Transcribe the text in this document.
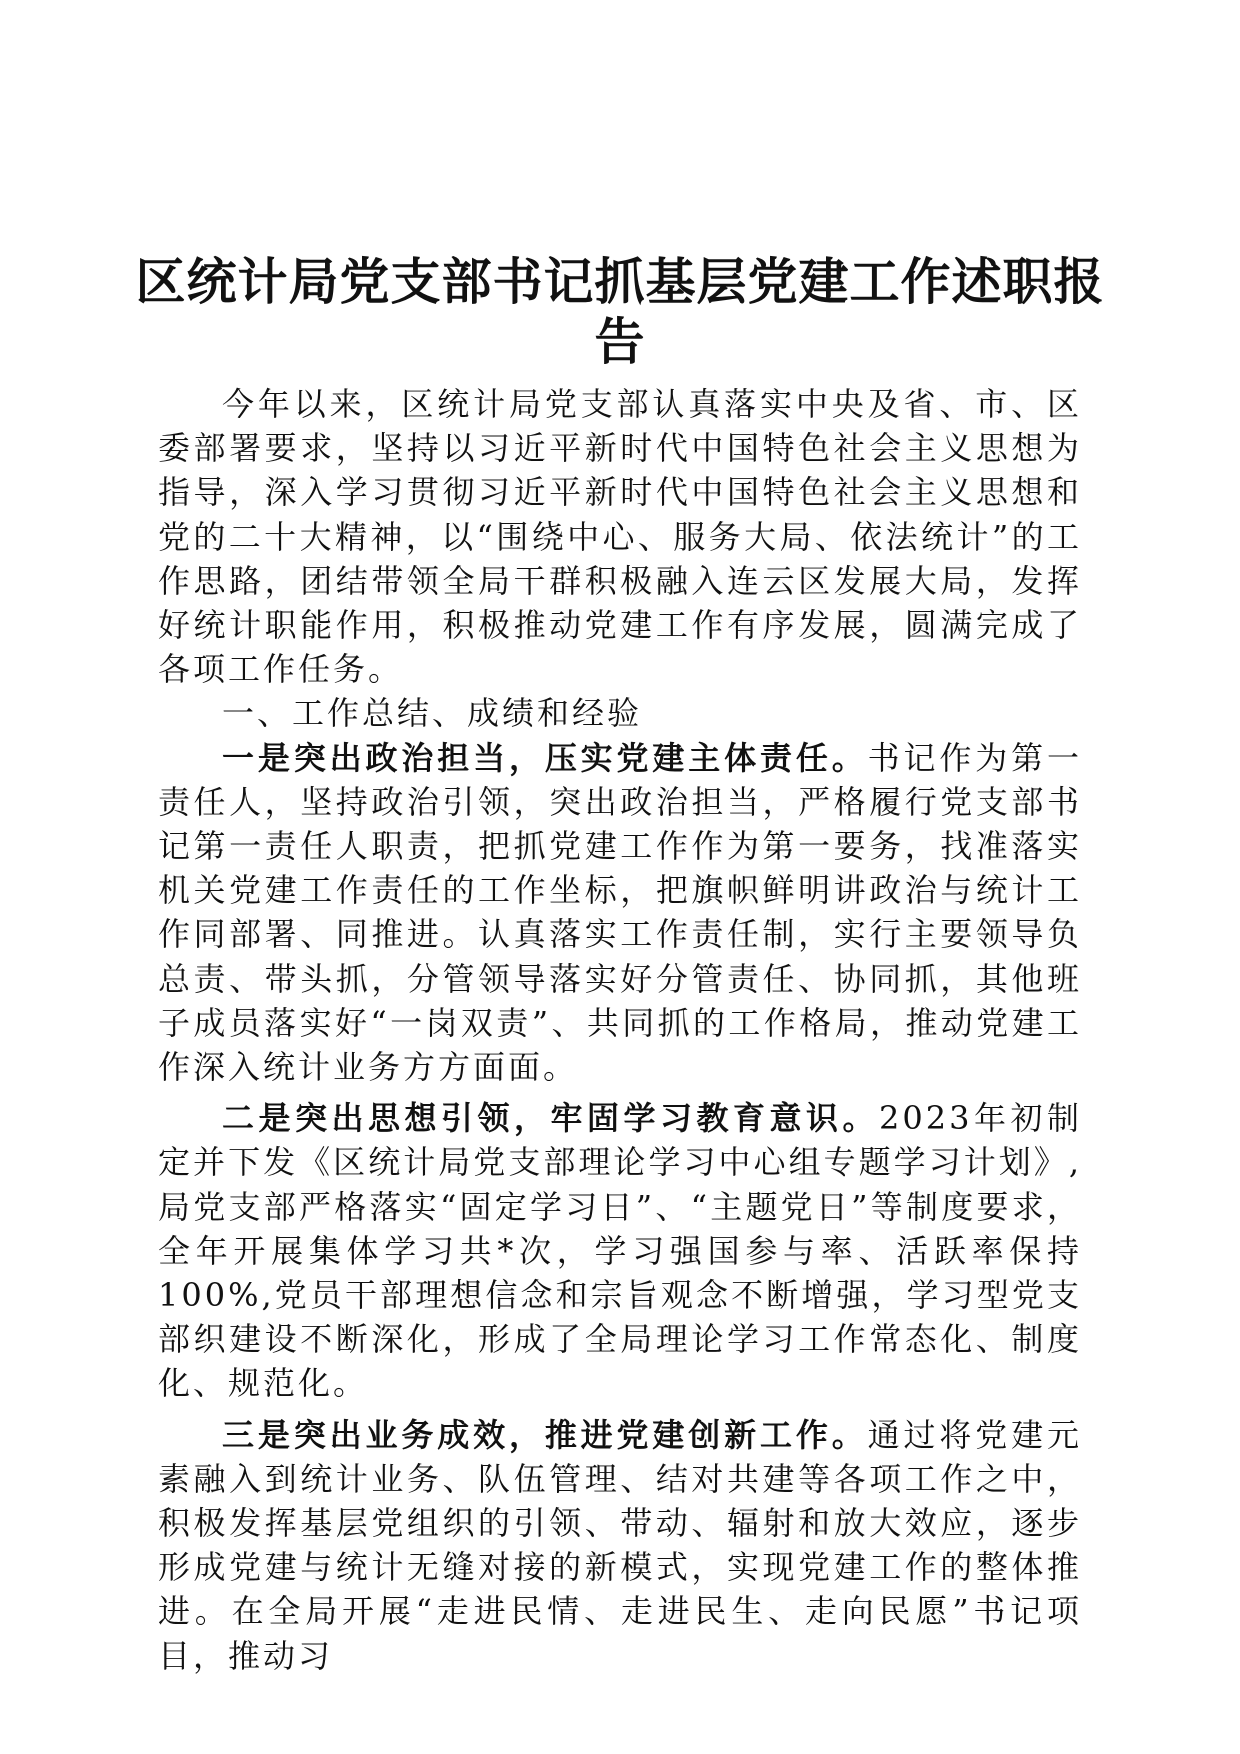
区统计局党支部书记抓基层党建工作述职报告

今年以来，区统计局党支部认真落实中央及省、市、区委部署要求，坚持以习近平新时代中国特色社会主义思想为指导，深入学习贯彻习近平新时代中国特色社会主义思想和党的二十大精神，以“围绕中心、服务大局、依法统计”的工作思路，团结带领全局干群积极融入连云区发展大局，发挥好统计职能作用，积极推动党建工作有序发展，圆满完成了各项工作任务。

一、工作总结、成绩和经验

一是突出政治担当，压实党建主体责任。书记作为第一责任人，坚持政治引领，突出政治担当，严格履行党支部书记第一责任人职责，把抓党建工作作为第一要务，找准落实机关党建工作责任的工作坐标，把旗帜鲜明讲政治与统计工作同部署、同推进。认真落实工作责任制，实行主要领导负总责、带头抓，分管领导落实好分管责任、协同抓，其他班子成员落实好“一岗双责”、共同抓的工作格局，推动党建工作深入统计业务方方面面。

二是突出思想引领，牢固学习教育意识。2023年初制定并下发《区统计局党支部理论学习中心组专题学习计划》,局党支部严格落实“固定学习日”、“主题党日”等制度要求，全年开展集体学习共*次，学习强国参与率、活跃率保持100%,党员干部理想信念和宗旨观念不断增强，学习型党支部织建设不断深化，形成了全局理论学习工作常态化、制度化、规范化。

三是突出业务成效，推进党建创新工作。通过将党建元素融入到统计业务、队伍管理、结对共建等各项工作之中，积极发挥基层党组织的引领、带动、辐射和放大效应，逐步形成党建与统计无缝对接的新模式，实现党建工作的整体推进。在全局开展“走进民情、走进民生、走向民愿”书记项目，推动习
